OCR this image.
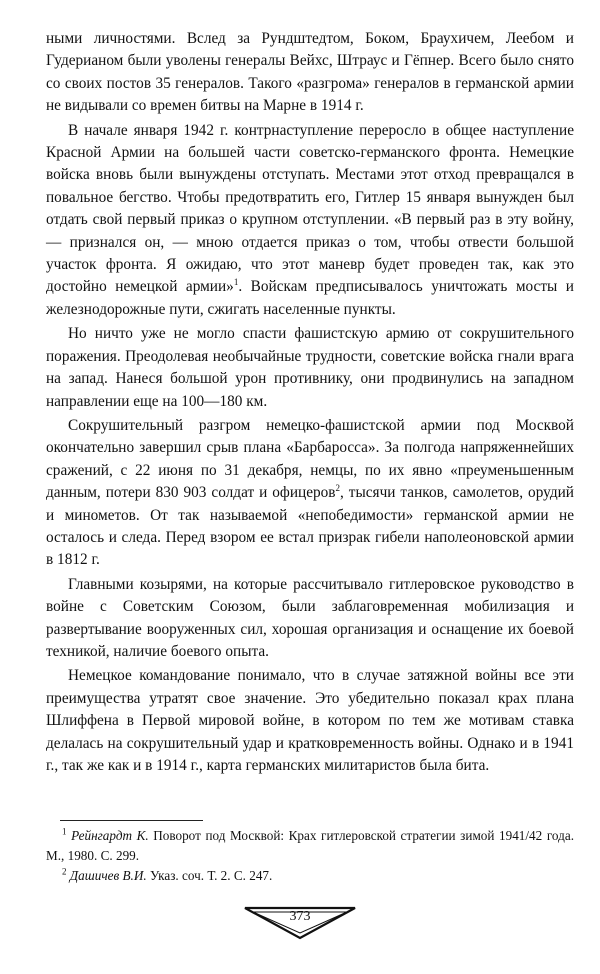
ными личностями. Вслед за Рундштедтом, Боком, Браухичем, Леебом и Гудерианом были уволены генералы Вейхс, Штраус и Гёпнер. Всего было снято со своих постов 35 генералов. Такого «разгрома» генералов в германской армии не видывали со времен битвы на Марне в 1914 г.

В начале января 1942 г. контрнаступление переросло в общее наступление Красной Армии на большей части советско-германского фронта. Немецкие войска вновь были вынуждены отступать. Местами этот отход превращался в повальное бегство. Чтобы предотвратить его, Гитлер 15 января вынужден был отдать свой первый приказ о крупном отступлении. «В первый раз в эту войну, — признался он, — мною отдается приказ о том, чтобы отвести большой участок фронта. Я ожидаю, что этот маневр будет проведен так, как это достойно немецкой армии»$^1$. Войскам предписывалось уничтожать мосты и железнодорожные пути, сжигать населенные пункты.

Но ничто уже не могло спасти фашистскую армию от сокрушительного поражения. Преодолевая необычайные трудности, советские войска гнали врага на запад. Нанеся большой урон противнику, они продвинулись на западном направлении еще на 100—180 км.

Сокрушительный разгром немецко-фашистской армии под Москвой окончательно завершил срыв плана «Барбаросса». За полгода напряженнейших сражений, с 22 июня по 31 декабря, немцы, по их явно «преуменьшенным данным, потери 830 903 солдат и офицеров$^2$, тысячи танков, самолетов, орудий и минометов. От так называемой «непобедимости» германской армии не осталось и следа. Перед взором ее встал призрак гибели наполеоновской армии в 1812 г.

Главными козырями, на которые рассчитывало гитлеровское руководство в войне с Советским Союзом, были заблаговременная мобилизация и развертывание вооруженных сил, хорошая организация и оснащение их боевой техникой, наличие боевого опыта.

Немецкое командование понимало, что в случае затяжной войны все эти преимущества утратят свое значение. Это убедительно показал крах плана Шлиффена в Первой мировой войне, в котором по тем же мотивам ставка делалась на сокрушительный удар и кратковременность войны. Однако и в 1941 г., так же как и в 1914 г., карта германских милитаристов была бита.

$^1$ Рейнгардт К. Поворот под Москвой: Крах гитлеровской стратегии зимой 1941/42 года. М., 1980. С. 299.

$^2$ Дашичев В.И. Указ. соч. Т. 2. С. 247.

373
